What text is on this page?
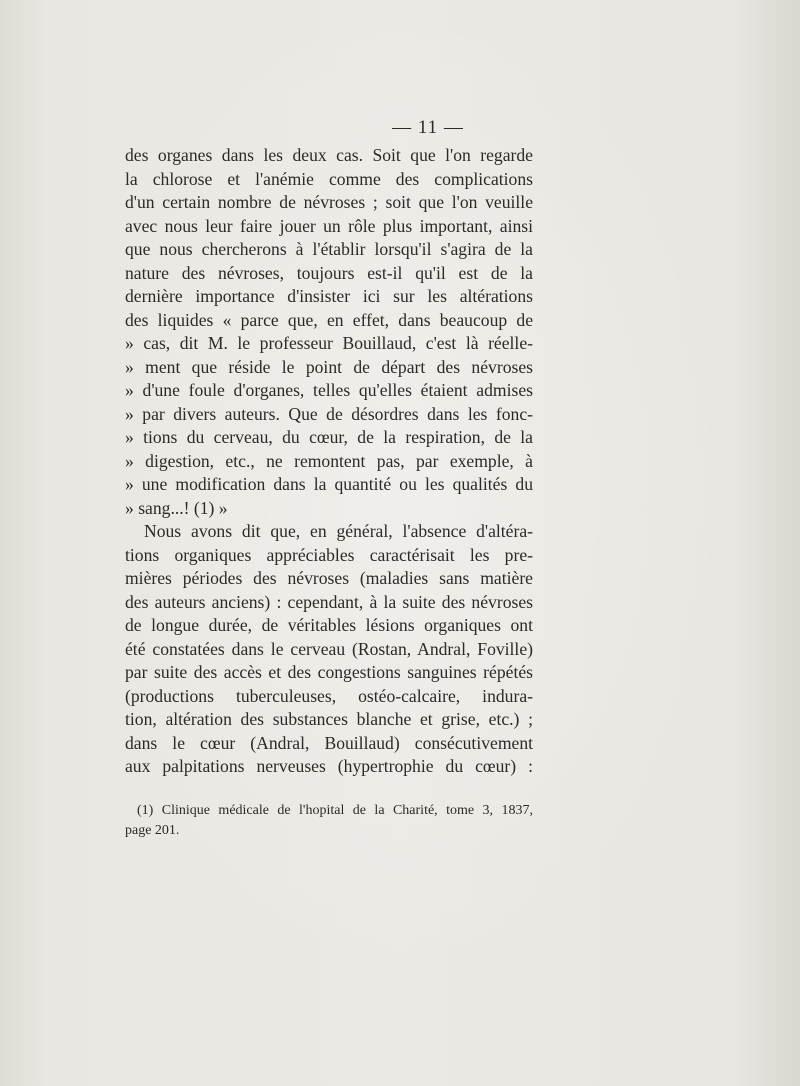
— 11 —
des organes dans les deux cas. Soit que l'on regarde
la chlorose et l'anémie comme des complications
d'un certain nombre de névroses ; soit que l'on veuille
avec nous leur faire jouer un rôle plus important, ainsi
que nous chercherons à l'établir lorsqu'il s'agira de la
nature des névroses, toujours est-il qu'il est de la
dernière importance d'insister ici sur les altérations
des liquides « parce que, en effet, dans beaucoup de
» cas, dit M. le professeur Bouillaud, c'est là réelle-
» ment que réside le point de départ des névroses
» d'une foule d'organes, telles qu'elles étaient admises
» par divers auteurs. Que de désordres dans les fonc-
» tions du cerveau, du cœur, de la respiration, de la
» digestion, etc., ne remontent pas, par exemple, à
» une modification dans la quantité ou les qualités du
» sang...! (1) »
Nous avons dit que, en général, l'absence d'altéra-
tions organiques appréciables caractérisait les pre-
mières périodes des névroses (maladies sans matière
des auteurs anciens) : cependant, à la suite des névroses
de longue durée, de véritables lésions organiques ont
été constatées dans le cerveau (Rostan, Andral, Foville)
par suite des accès et des congestions sanguines répétés
(productions tuberculeuses, ostéo-calcaire, indura-
tion, altération des substances blanche et grise, etc.) ;
dans le cœur (Andral, Bouillaud) consécutivement
aux palpitations nerveuses (hypertrophie du cœur) :
(1) Clinique médicale de l'hopital de la Charité, tome 3, 1837,
page 201.
